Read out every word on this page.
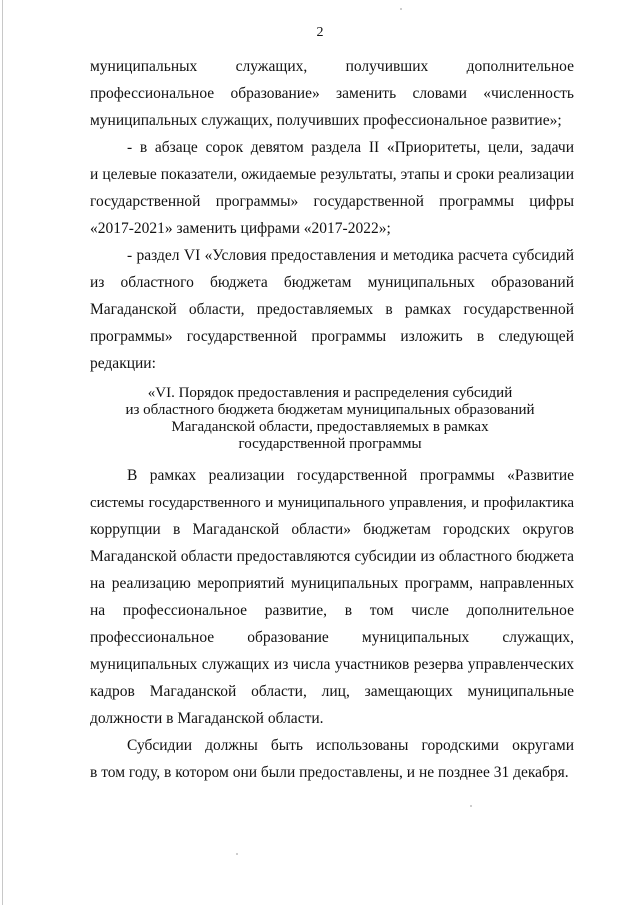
2
муниципальных служащих, получивших дополнительное
профессиональное образование» заменить словами «численность
муниципальных служащих, получивших профессиональное развитие»;
- в абзаце сорок девятом раздела II «Приоритеты, цели, задачи
и целевые показатели, ожидаемые результаты, этапы и сроки реализации
государственной программы» государственной программы цифры
«2017-2021» заменить цифрами «2017-2022»;
- раздел VI «Условия предоставления и методика расчета субсидий
из областного бюджета бюджетам муниципальных образований
Магаданской области, предоставляемых в рамках государственной
программы» государственной программы изложить в следующей
редакции:
«VI. Порядок предоставления и распределения субсидий
из областного бюджета бюджетам муниципальных образований
Магаданской области, предоставляемых в рамках
государственной программы
В рамках реализации государственной программы «Развитие
системы государственного и муниципального управления, и профилактика
коррупции в Магаданской области» бюджетам городских округов
Магаданской области предоставляются субсидии из областного бюджета
на реализацию мероприятий муниципальных программ, направленных
на профессиональное развитие, в том числе дополнительное
профессиональное образование муниципальных служащих,
муниципальных служащих из числа участников резерва управленческих
кадров Магаданской области, лиц, замещающих муниципальные
должности в Магаданской области.
Субсидии должны быть использованы городскими округами
в том году, в котором они были предоставлены, и не позднее 31 декабря.
